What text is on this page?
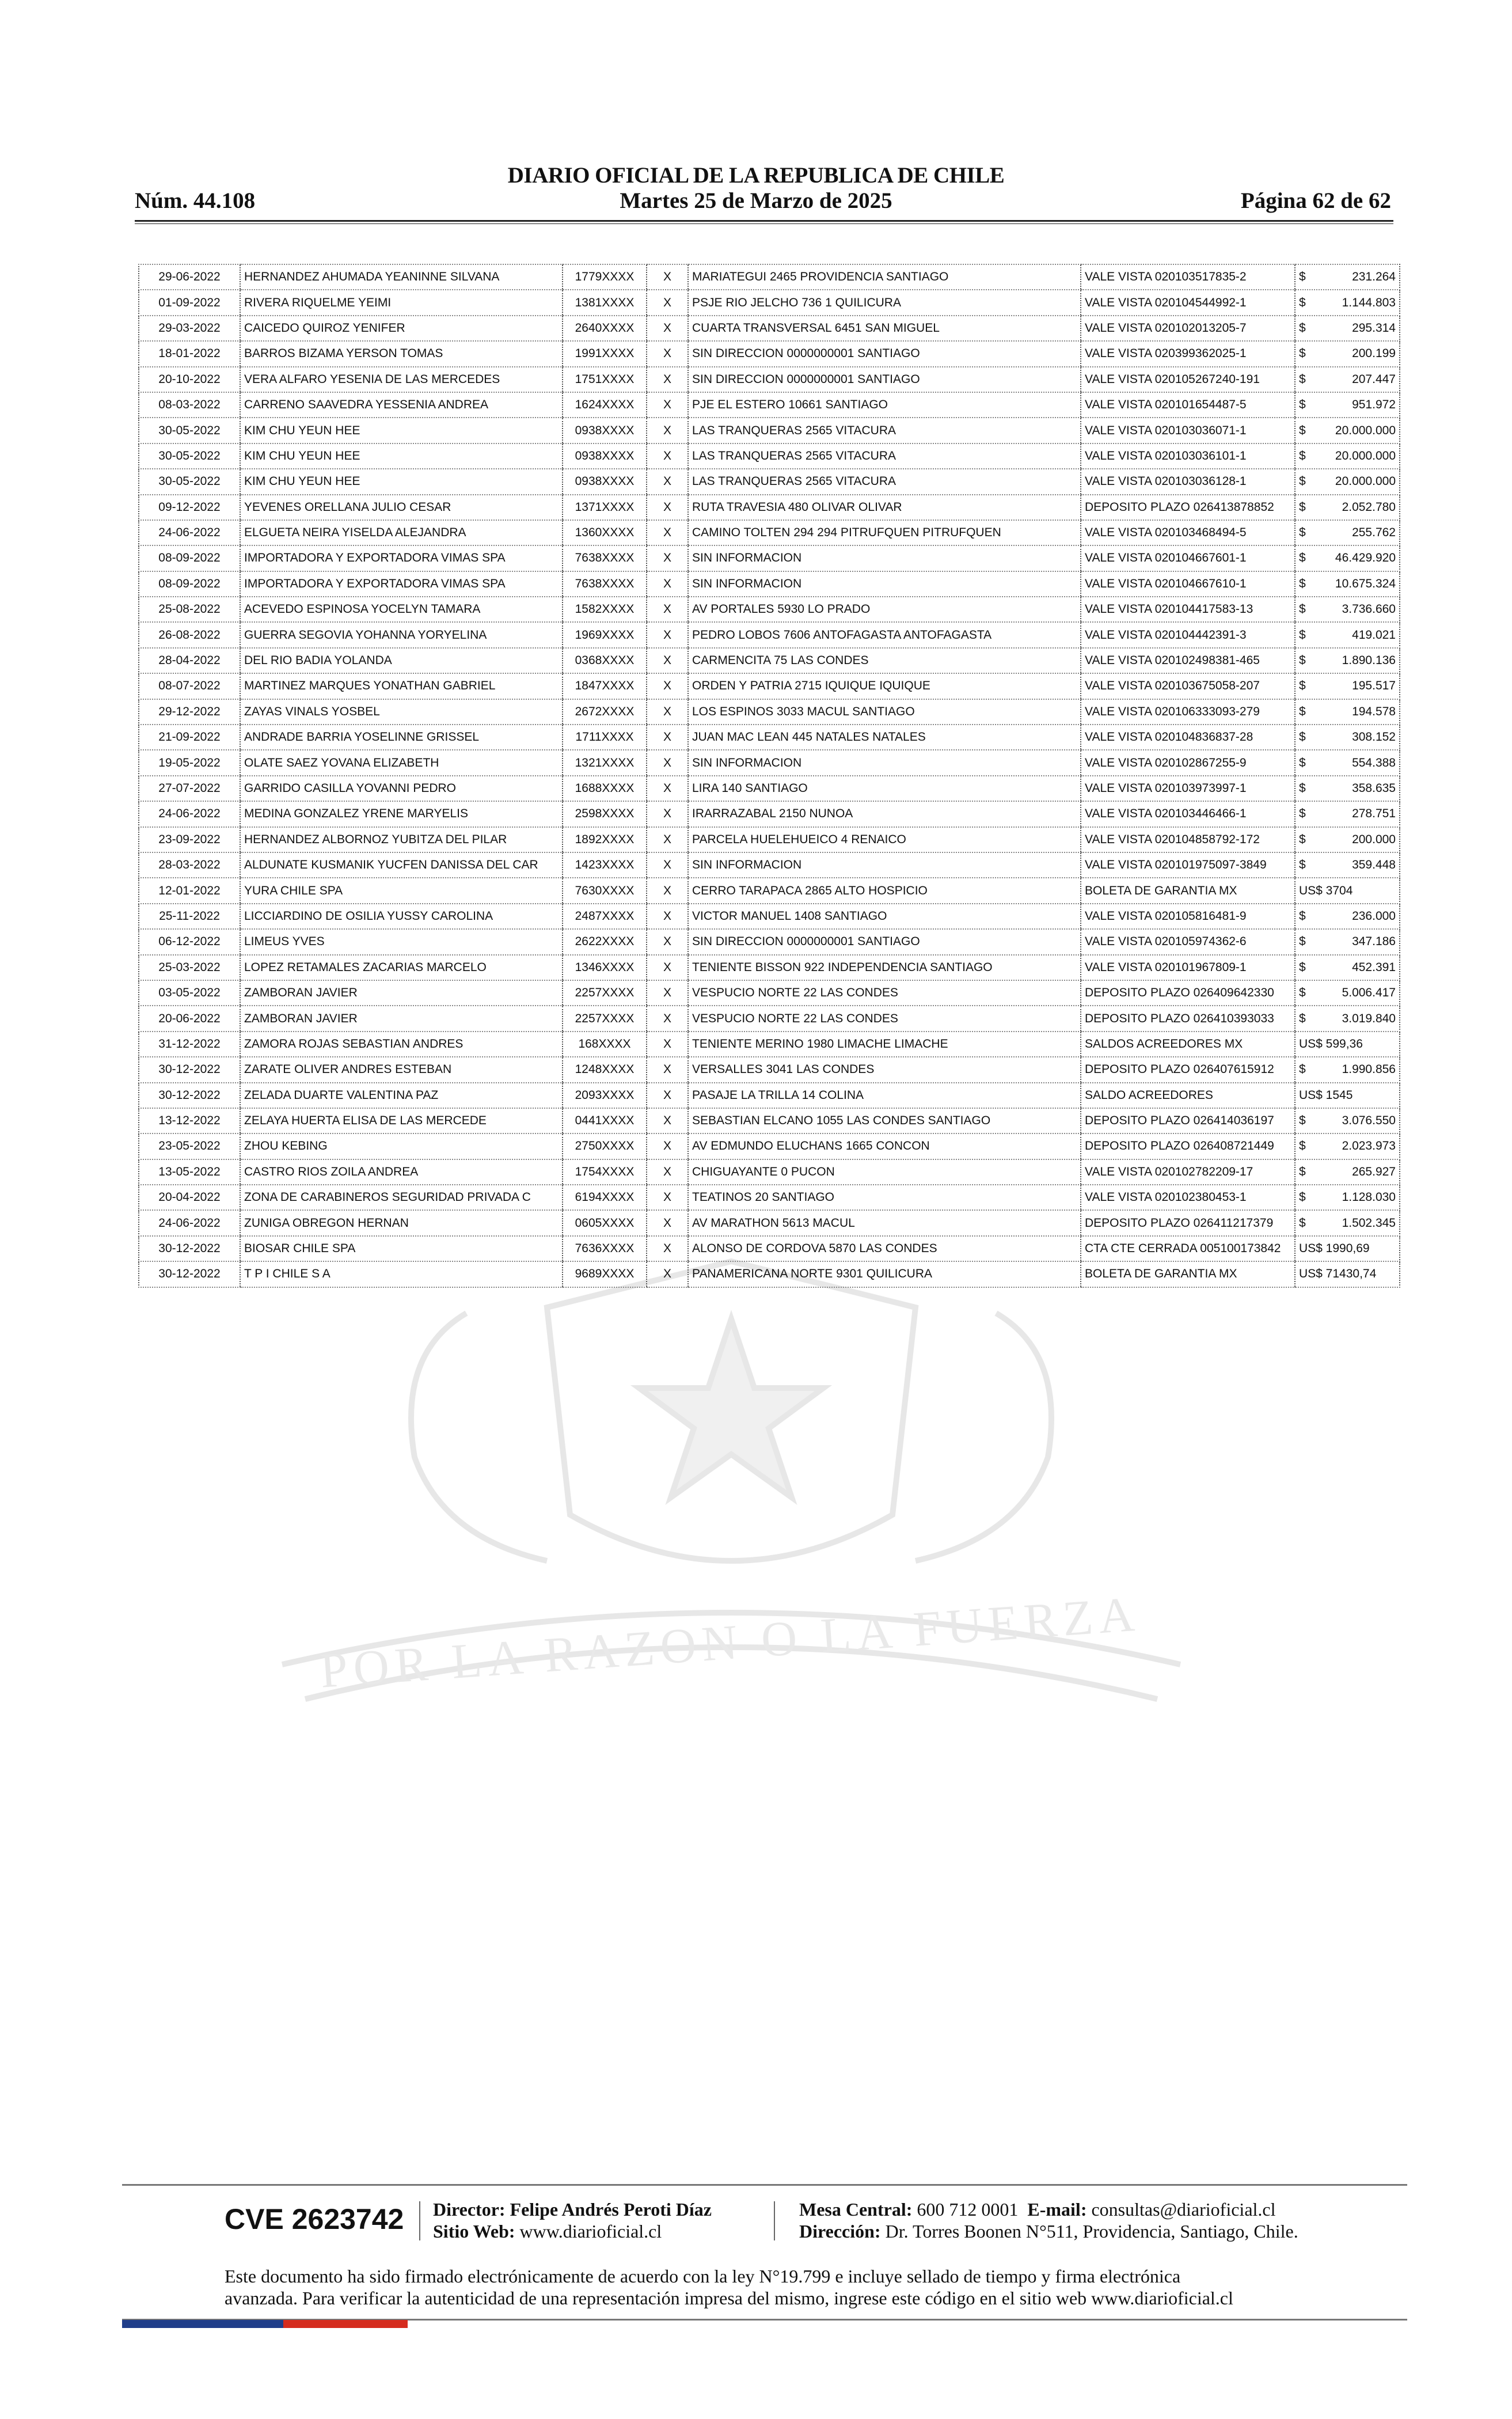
DIARIO OFICIAL DE LA REPUBLICA DE CHILE
Núm. 44.108	Martes 25 de Marzo de 2025	Página 62 de 62
POR LA RAZON O LA FUERZA
29-06-2022	HERNANDEZ AHUMADA YEANINNE SILVANA	1779XXXX	X	MARIATEGUI 2465 PROVIDENCIA SANTIAGO	VALE VISTA 020103517835-2	$ 231.264

01-09-2022	RIVERA RIQUELME YEIMI	1381XXXX	X	PSJE RIO JELCHO 736 1 QUILICURA	VALE VISTA 020104544992-1	$ 1.144.803

29-03-2022	CAICEDO QUIROZ YENIFER	2640XXXX	X	CUARTA TRANSVERSAL 6451 SAN MIGUEL	VALE VISTA 020102013205-7	$ 295.314

18-01-2022	BARROS BIZAMA YERSON TOMAS	1991XXXX	X	SIN DIRECCION 0000000001 SANTIAGO	VALE VISTA 020399362025-1	$ 200.199

20-10-2022	VERA ALFARO YESENIA DE LAS MERCEDES	1751XXXX	X	SIN DIRECCION 0000000001 SANTIAGO	VALE VISTA 020105267240-191	$ 207.447

08-03-2022	CARRENO SAAVEDRA YESSENIA ANDREA	1624XXXX	X	PJE EL ESTERO 10661 SANTIAGO	VALE VISTA 020101654487-5	$ 951.972

30-05-2022	KIM CHU YEUN HEE	0938XXXX	X	LAS TRANQUERAS 2565 VITACURA	VALE VISTA 020103036071-1	$ 20.000.000

30-05-2022	KIM CHU YEUN HEE	0938XXXX	X	LAS TRANQUERAS 2565 VITACURA	VALE VISTA 020103036101-1	$ 20.000.000

30-05-2022	KIM CHU YEUN HEE	0938XXXX	X	LAS TRANQUERAS 2565 VITACURA	VALE VISTA 020103036128-1	$ 20.000.000

09-12-2022	YEVENES ORELLANA JULIO CESAR	1371XXXX	X	RUTA TRAVESIA 480 OLIVAR OLIVAR	DEPOSITO PLAZO 026413878852	$ 2.052.780

24-06-2022	ELGUETA NEIRA YISELDA ALEJANDRA	1360XXXX	X	CAMINO TOLTEN 294 294 PITRUFQUEN PITRUFQUEN	VALE VISTA 020103468494-5	$ 255.762

08-09-2022	IMPORTADORA Y EXPORTADORA VIMAS SPA	7638XXXX	X	SIN INFORMACION	VALE VISTA 020104667601-1	$ 46.429.920

08-09-2022	IMPORTADORA Y EXPORTADORA VIMAS SPA	7638XXXX	X	SIN INFORMACION	VALE VISTA 020104667610-1	$ 10.675.324

25-08-2022	ACEVEDO ESPINOSA YOCELYN TAMARA	1582XXXX	X	AV PORTALES 5930 LO PRADO	VALE VISTA 020104417583-13	$ 3.736.660

26-08-2022	GUERRA SEGOVIA YOHANNA YORYELINA	1969XXXX	X	PEDRO LOBOS 7606 ANTOFAGASTA ANTOFAGASTA	VALE VISTA 020104442391-3	$ 419.021

28-04-2022	DEL RIO BADIA YOLANDA	0368XXXX	X	CARMENCITA 75 LAS CONDES	VALE VISTA 020102498381-465	$ 1.890.136

08-07-2022	MARTINEZ MARQUES YONATHAN GABRIEL	1847XXXX	X	ORDEN Y PATRIA 2715 IQUIQUE IQUIQUE	VALE VISTA 020103675058-207	$ 195.517

29-12-2022	ZAYAS VINALS YOSBEL	2672XXXX	X	LOS ESPINOS 3033 MACUL SANTIAGO	VALE VISTA 020106333093-279	$ 194.578

21-09-2022	ANDRADE BARRIA YOSELINNE GRISSEL	1711XXXX	X	JUAN MAC LEAN 445 NATALES NATALES	VALE VISTA 020104836837-28	$ 308.152

19-05-2022	OLATE SAEZ YOVANA ELIZABETH	1321XXXX	X	SIN INFORMACION	VALE VISTA 020102867255-9	$ 554.388

27-07-2022	GARRIDO CASILLA YOVANNI PEDRO	1688XXXX	X	LIRA 140 SANTIAGO	VALE VISTA 020103973997-1	$ 358.635

24-06-2022	MEDINA GONZALEZ YRENE MARYELIS	2598XXXX	X	IRARRAZABAL 2150 NUNOA	VALE VISTA 020103446466-1	$ 278.751

23-09-2022	HERNANDEZ ALBORNOZ YUBITZA DEL PILAR	1892XXXX	X	PARCELA HUELEHUEICO 4 RENAICO	VALE VISTA 020104858792-172	$ 200.000

28-03-2022	ALDUNATE KUSMANIK YUCFEN DANISSA DEL CAR	1423XXXX	X	SIN INFORMACION	VALE VISTA 020101975097-3849	$ 359.448

12-01-2022	YURA CHILE SPA	7630XXXX	X	CERRO TARAPACA 2865 ALTO HOSPICIO	BOLETA DE GARANTIA MX	US$ 3704

25-11-2022	LICCIARDINO DE OSILIA YUSSY CAROLINA	2487XXXX	X	VICTOR MANUEL 1408 SANTIAGO	VALE VISTA 020105816481-9	$ 236.000

06-12-2022	LIMEUS YVES	2622XXXX	X	SIN DIRECCION 0000000001 SANTIAGO	VALE VISTA 020105974362-6	$ 347.186

25-03-2022	LOPEZ RETAMALES ZACARIAS MARCELO	1346XXXX	X	TENIENTE BISSON 922 INDEPENDENCIA SANTIAGO	VALE VISTA 020101967809-1	$ 452.391

03-05-2022	ZAMBORAN JAVIER	2257XXXX	X	VESPUCIO NORTE 22 LAS CONDES	DEPOSITO PLAZO 026409642330	$ 5.006.417

20-06-2022	ZAMBORAN JAVIER	2257XXXX	X	VESPUCIO NORTE 22 LAS CONDES	DEPOSITO PLAZO 026410393033	$ 3.019.840

31-12-2022	ZAMORA ROJAS SEBASTIAN ANDRES	168XXXX	X	TENIENTE MERINO 1980 LIMACHE LIMACHE	SALDOS ACREEDORES MX	US$ 599,36

30-12-2022	ZARATE OLIVER ANDRES ESTEBAN	1248XXXX	X	VERSALLES 3041 LAS CONDES	DEPOSITO PLAZO 026407615912	$ 1.990.856

30-12-2022	ZELADA DUARTE VALENTINA PAZ	2093XXXX	X	PASAJE LA TRILLA 14 COLINA	SALDO ACREEDORES	US$ 1545

13-12-2022	ZELAYA HUERTA ELISA DE LAS MERCEDE	0441XXXX	X	SEBASTIAN ELCANO 1055 LAS CONDES SANTIAGO	DEPOSITO PLAZO 026414036197	$ 3.076.550

23-05-2022	ZHOU KEBING	2750XXXX	X	AV EDMUNDO ELUCHANS 1665 CONCON	DEPOSITO PLAZO 026408721449	$ 2.023.973

13-05-2022	CASTRO RIOS ZOILA ANDREA	1754XXXX	X	CHIGUAYANTE 0 PUCON	VALE VISTA 020102782209-17	$ 265.927

20-04-2022	ZONA DE CARABINEROS SEGURIDAD PRIVADA C	6194XXXX	X	TEATINOS 20 SANTIAGO	VALE VISTA 020102380453-1	$ 1.128.030

24-06-2022	ZUNIGA OBREGON HERNAN	0605XXXX	X	AV MARATHON 5613 MACUL	DEPOSITO PLAZO 026411217379	$ 1.502.345

30-12-2022	BIOSAR CHILE SPA	7636XXXX	X	ALONSO DE CORDOVA 5870 LAS CONDES	CTA CTE CERRADA 005100173842	US$ 1990,69

30-12-2022	T P I CHILE S A	9689XXXX	X	PANAMERICANA NORTE 9301 QUILICURA	BOLETA DE GARANTIA MX	US$ 71430,74
CVE 2623742 Director: Felipe Andrés Peroti Díaz
Sitio Web: www.diarioficial.cl
Mesa Central: 600 712 0001 E-mail: consultas@diarioficial.cl
Dirección: Dr. Torres Boonen N°511, Providencia, Santiago, Chile.
Este documento ha sido firmado electrónicamente de acuerdo con la ley N°19.799 e incluye sellado de tiempo y firma electrónica
avanzada. Para verificar la autenticidad de una representación impresa del mismo, ingrese este código en el sitio web www.diarioficial.cl
